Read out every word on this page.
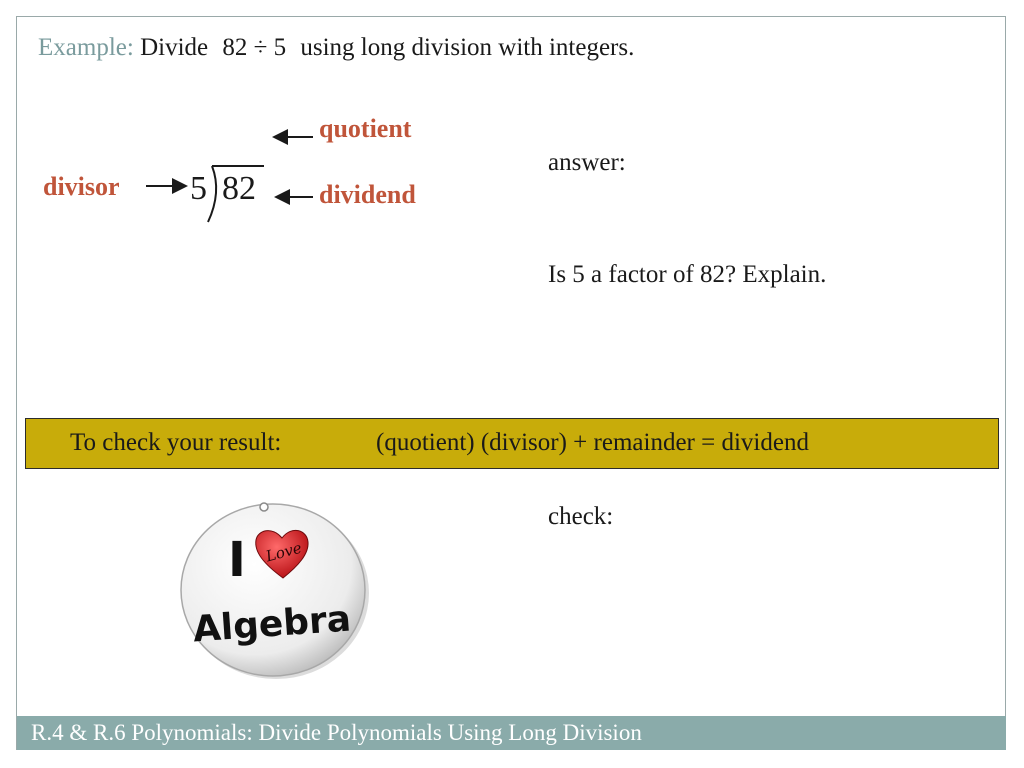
Example: Divide 82 ÷ 5 using long division with integers.
quotient
dividend
divisor 5 82
answer:
Is 5 a factor of 82? Explain.
To check your result:	(quotient) (divisor) + remainder = dividend
check:
I Love
Algebra
R.4 & R.6 Polynomials: Divide Polynomials Using Long Division
